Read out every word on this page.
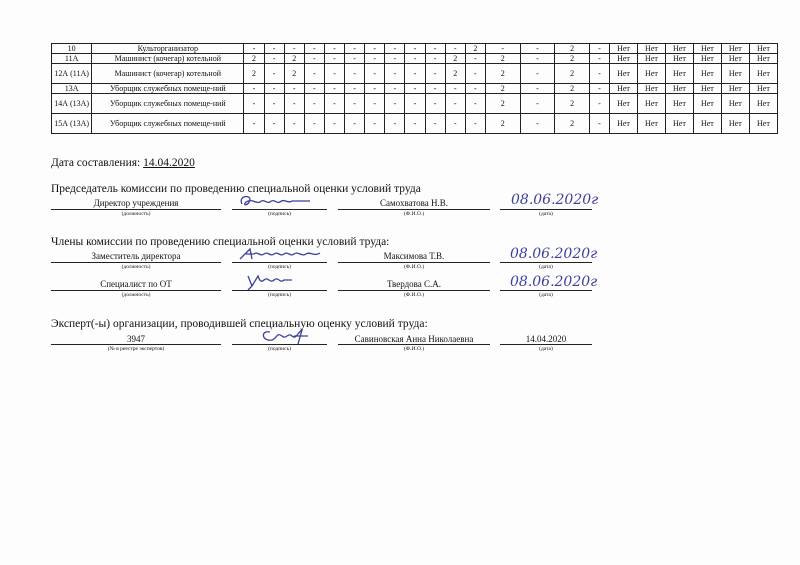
10	Культорганизатор	-	-	-	-	-	-	-	-	-	-	-	2	-	-	2	-	Нет	Нет	Нет	Нет	Нет	Нет
11А	Машинист (кочегар) котельной	2	-	2	-	-	-	-	-	-	-	2	-	2	-	2	-	Нет	Нет	Нет	Нет	Нет	Нет
12А (11А)	Машинист (кочегар) котельной	2	-	2	-	-	-	-	-	-	-	2	-	2	-	2	-	Нет	Нет	Нет	Нет	Нет	Нет
13А	Уборщик служебных помеще-ний	-	-	-	-	-	-	-	-	-	-	-	-	2	-	2	-	Нет	Нет	Нет	Нет	Нет	Нет
14А (13А)	Уборщик служебных помеще-ний	-	-	-	-	-	-	-	-	-	-	-	-	2	-	2	-	Нет	Нет	Нет	Нет	Нет	Нет
15А (13А)	Уборщик служебных помеще-ний	-	-	-	-	-	-	-	-	-	-	-	-	2	-	2	-	Нет	Нет	Нет	Нет	Нет	Нет
Дата составления: 14.04.2020
Председатель комиссии по проведению специальной оценки условий труда
Директор учреждения
(должность)	(подпись)
Самохватова Н.В.
(Ф.И.О.)
08.06.2020г
(дата)
Члены комиссии по проведению специальной оценки условий труда:
Заместитель директора
(должность)	(подпись)
Максимова Т.В.
(Ф.И.О.)
08.06.2020г
(дата)
Специалист по ОТ
(должность)	(подпись)
Твердова С.А.
(Ф.И.О.)
08.06.2020г
(дата)
Эксперт(-ы) организации, проводившей специальную оценку условий труда:
3947
(№ в реестре экспертов)	(подпись)
Савиновская Анна Николаевна
(Ф.И.О.)
14.04.2020
(дата)
